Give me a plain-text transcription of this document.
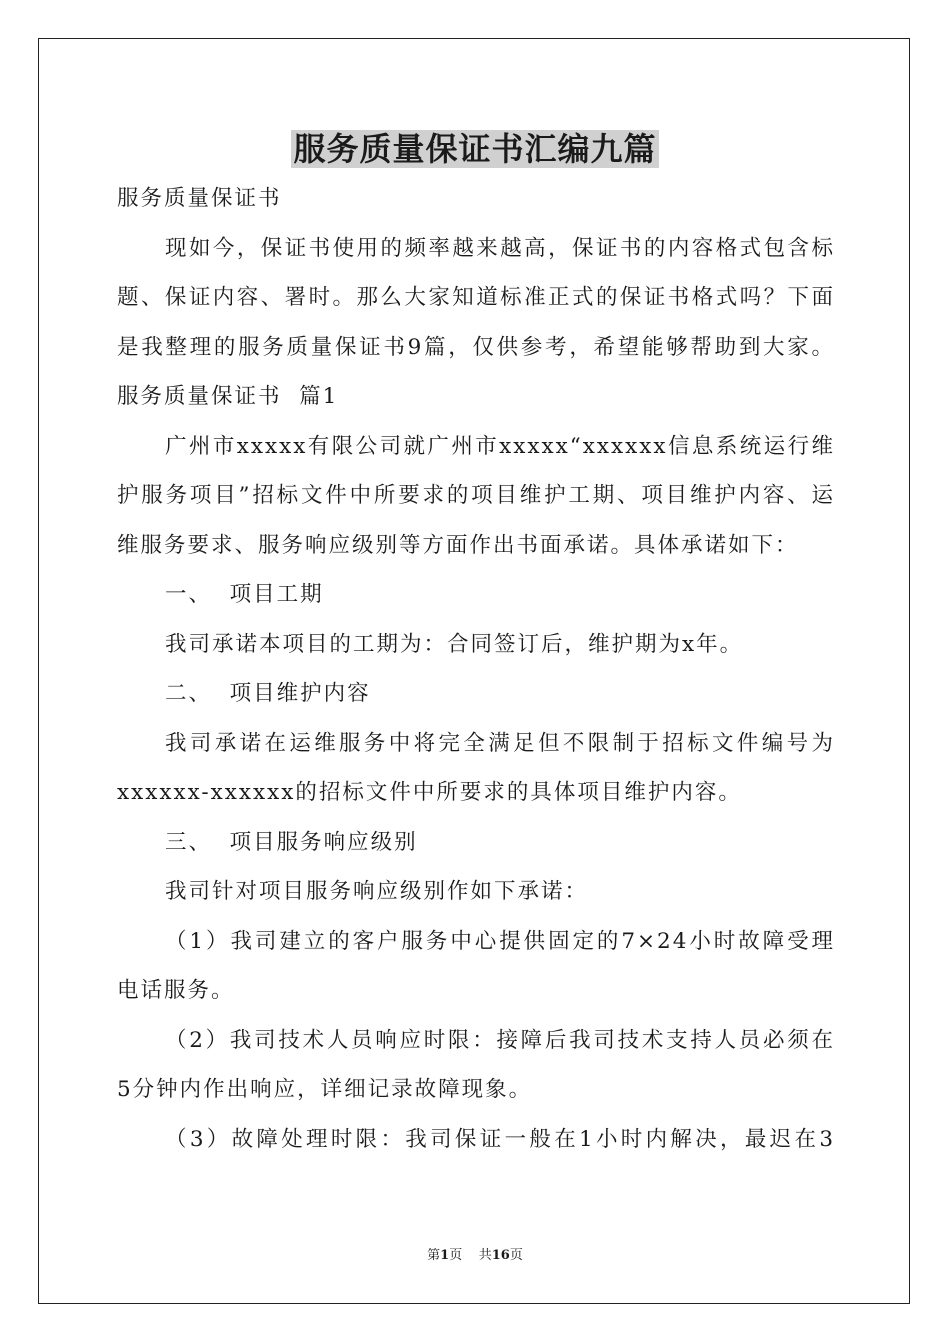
服务质量保证书汇编九篇
服务质量保证书
现如今，保证书使用的频率越来越高，保证书的内容格式包含标
题、保证内容、署时。那么大家知道标准正式的保证书格式吗？下面
是我整理的服务质量保证书9篇，仅供参考，希望能够帮助到大家。
服务质量保证书  篇1
广州市xxxxx有限公司就广州市xxxxx“xxxxxx信息系统运行维
护服务项目”招标文件中所要求的项目维护工期、项目维护内容、运
维服务要求、服务响应级别等方面作出书面承诺。具体承诺如下：
一、  项目工期
我司承诺本项目的工期为：合同签订后，维护期为x年。
二、  项目维护内容
我司承诺在运维服务中将完全满足但不限制于招标文件编号为
xxxxxx-xxxxxx的招标文件中所要求的具体项目维护内容。
三、  项目服务响应级别
我司针对项目服务响应级别作如下承诺：
（1）我司建立的客户服务中心提供固定的7×24小时故障受理
电话服务。
（2）我司技术人员响应时限：接障后我司技术支持人员必须在
5分钟内作出响应，详细记录故障现象。
（3）故障处理时限：我司保证一般在1小时内解决，最迟在3
第1页    共16页
